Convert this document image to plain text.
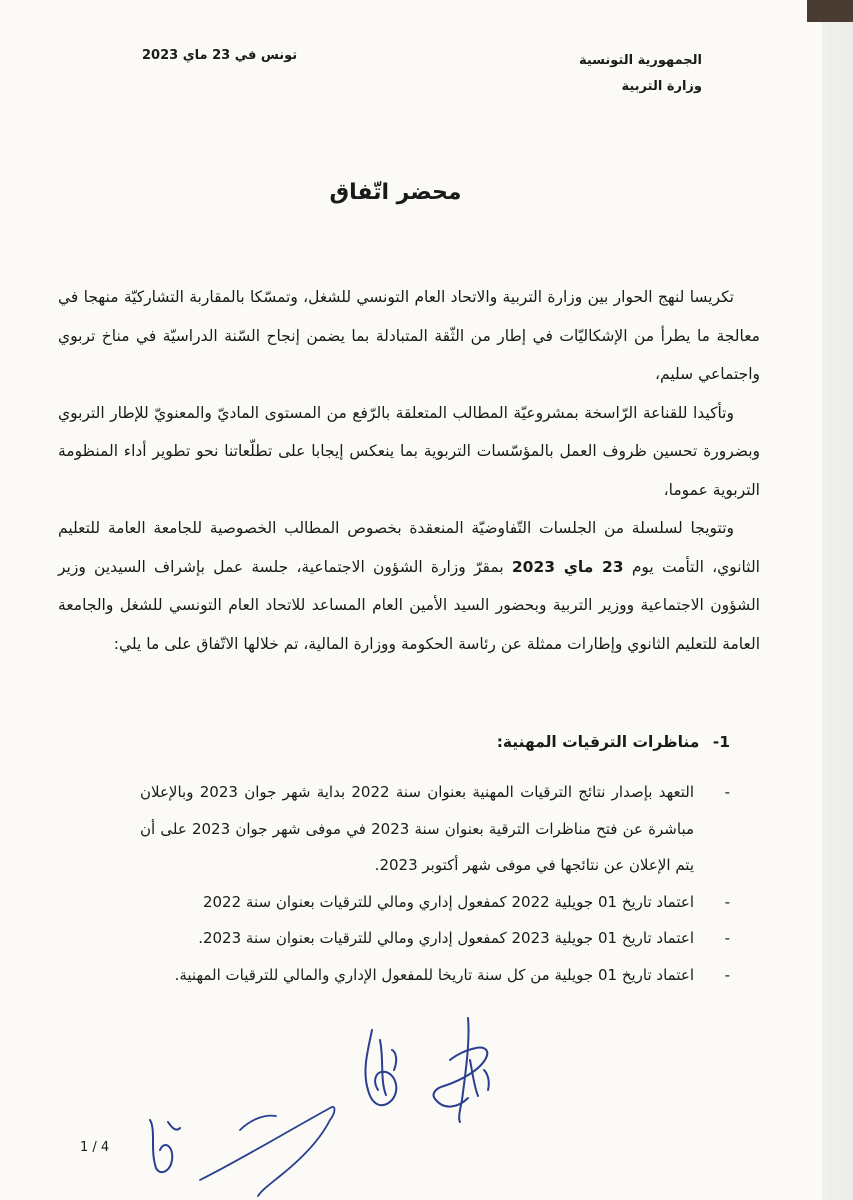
الجمهورية التونسية
وزارة التربية
تونس في 23 ماي 2023
محضر اتّفاق

تكريسا لنهج الحوار بين وزارة التربية والاتحاد العام التونسي للشغل، وتمسّكا بالمقاربة التشاركيّة منهجا في معالجة ما يطرأ من الإشكاليّات في إطار من الثّقة المتبادلة بما يضمن إنجاح السّنة الدراسيّة في مناخ تربوي واجتماعي سليم،

وتأكيدا للقناعة الرّاسخة بمشروعيّة المطالب المتعلقة بالرّفع من المستوى الماديّ والمعنويّ للإطار التربوي وبضرورة تحسين ظروف العمل بالمؤسّسات التربوية بما ينعكس إيجابا على تطلّعاتنا نحو تطوير أداء المنظومة التربوية عموما،

وتتويجا لسلسلة من الجلسات التّفاوضيّة المنعقدة بخصوص المطالب الخصوصية للجامعة العامة للتعليم الثانوي، التأمت يوم 23 ماي 2023 بمقرّ وزارة الشؤون الاجتماعية، جلسة عمل بإشراف السيدين وزير الشؤون الاجتماعية ووزير التربية وبحضور السيد الأمين العام المساعد للاتحاد العام التونسي للشغل والجامعة العامة للتعليم الثانوي وإطارات ممثلة عن رئاسة الحكومة ووزارة المالية، تم خلالها الاتّفاق على ما يلي:

1- مناظرات الترقيات المهنية:
-
التعهد بإصدار نتائج الترقيات المهنية بعنوان سنة 2022 بداية شهر جوان 2023 وبالإعلان مباشرة عن فتح مناظرات الترقية بعنوان سنة 2023 في موفى شهر جوان 2023 على أن يتم الإعلان عن نتائجها في موفى شهر أكتوبر 2023.
-
اعتماد تاريخ 01 جويلية 2022 كمفعول إداري ومالي للترقيات بعنوان سنة 2022
-
اعتماد تاريخ 01 جويلية 2023 كمفعول إداري ومالي للترقيات بعنوان سنة 2023.
-
اعتماد تاريخ 01 جويلية من كل سنة تاريخا للمفعول الإداري والمالي للترقيات المهنية.
1 / 4
